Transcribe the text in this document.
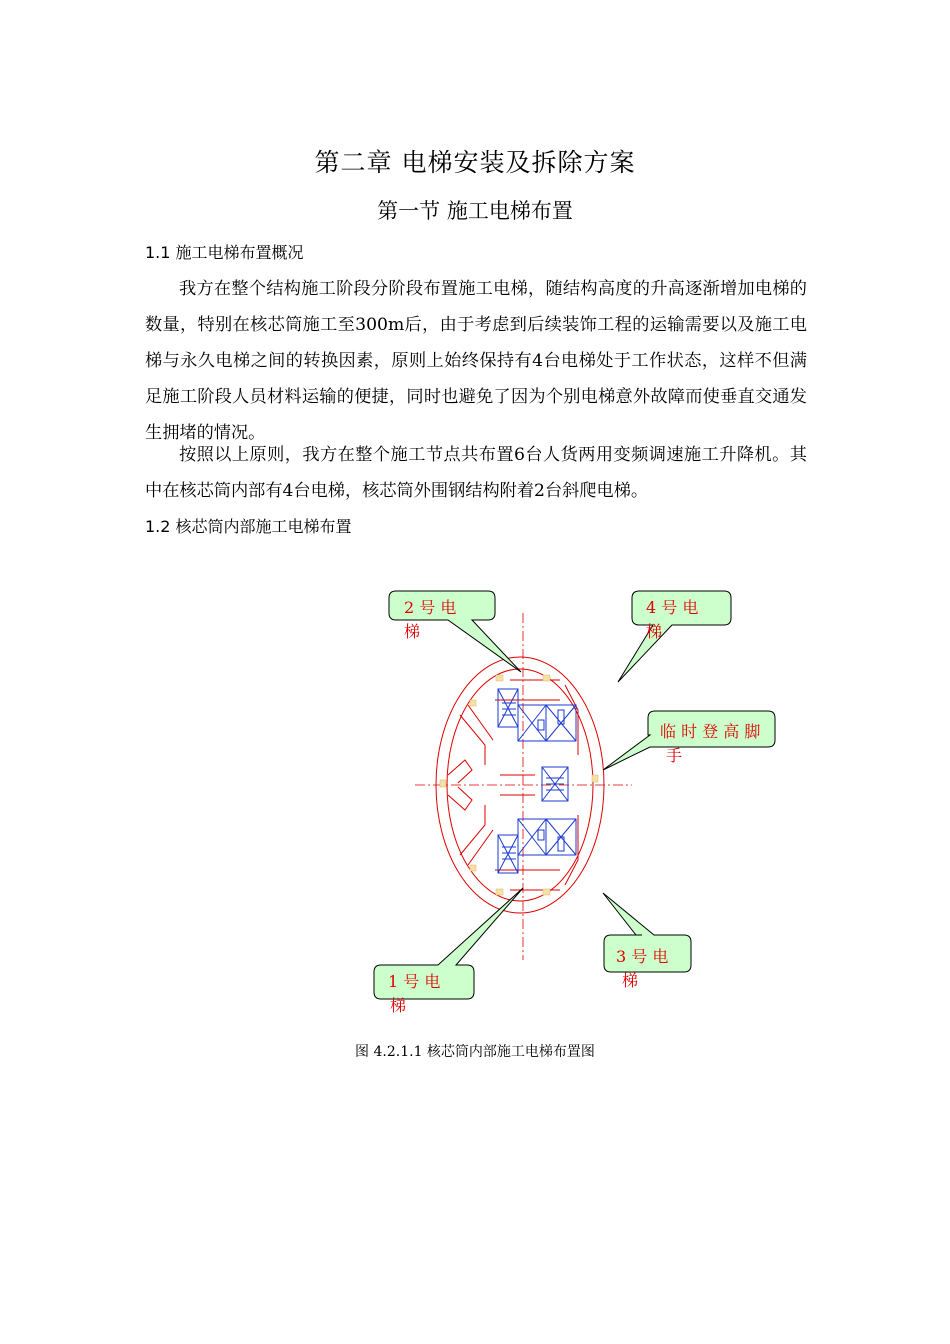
第二章 电梯安装及拆除方案
第一节 施工电梯布置
1.1 施工电梯布置概况

我方在整个结构施工阶段分阶段布置施工电梯，随结构高度的升高逐渐增加电梯的数量，特别在核芯筒施工至300m后，由于考虑到后续装饰工程的运输需要以及施工电梯与永久电梯之间的转换因素，原则上始终保持有4台电梯处于工作状态，这样不但满足施工阶段人员材料运输的便捷，同时也避免了因为个别电梯意外故障而使垂直交通发生拥堵的情况。

按照以上原则，我方在整个施工节点共布置6台人货两用变频调速施工升降机。其中在核芯筒内部有4台电梯，核芯筒外围钢结构附着2台斜爬电梯。

1.2 核芯筒内部施工电梯布置
2 号 电
梯
4 号 电
梯
临 时 登 高 脚
手
3 号 电
梯
1 号 电
梯
图 4.2.1.1 核芯筒内部施工电梯布置图
